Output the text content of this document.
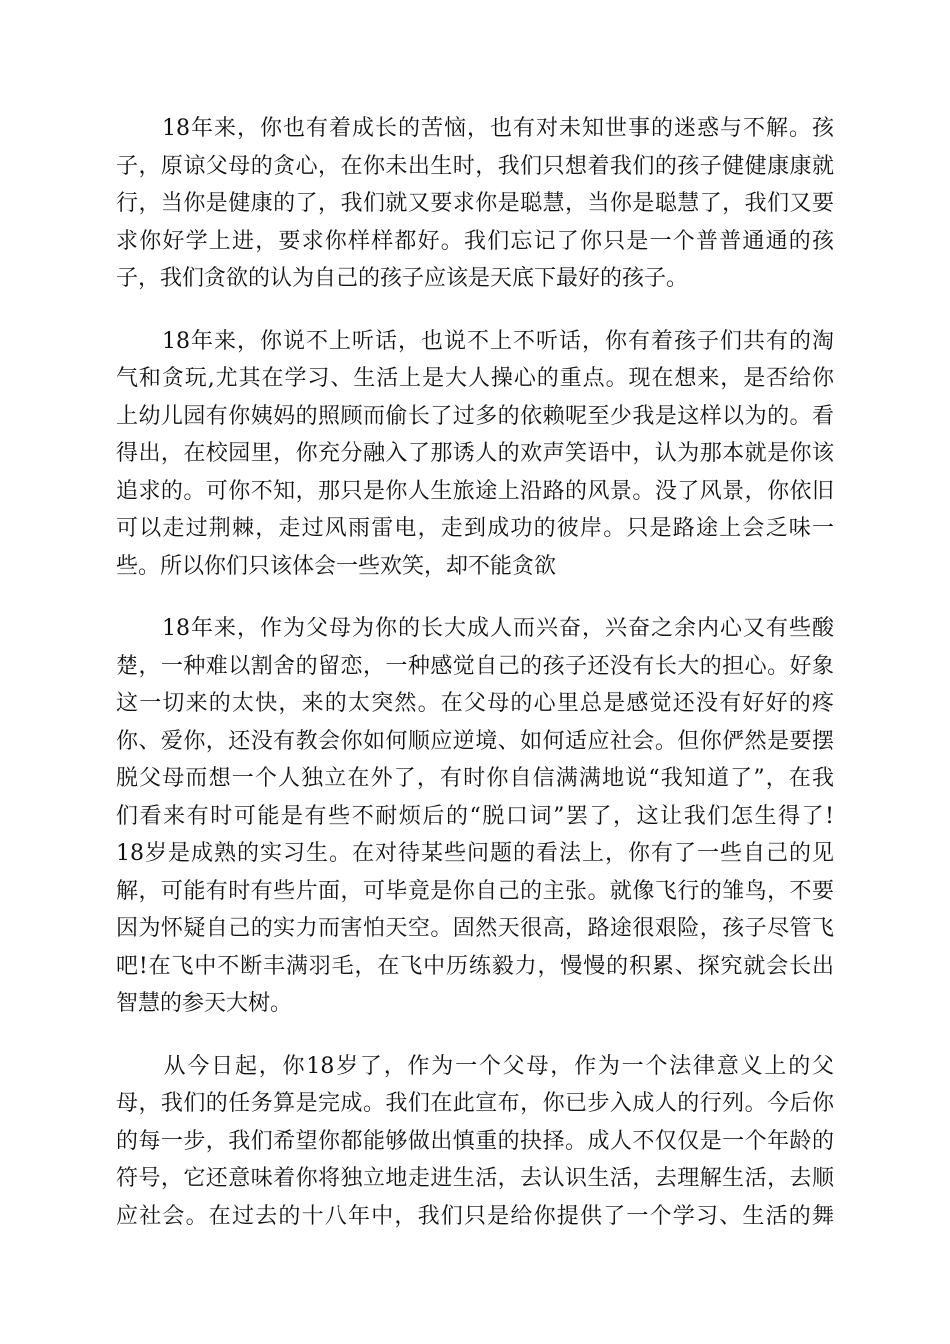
　　18年来，你也有着成长的苦恼，也有对未知世事的迷惑与不解。孩
子，原谅父母的贪心，在你未出生时，我们只想着我们的孩子健健康康就
行，当你是健康的了，我们就又要求你是聪慧，当你是聪慧了，我们又要
求你好学上进，要求你样样都好。我们忘记了你只是一个普普通通的孩
子，我们贪欲的认为自己的孩子应该是天底下最好的孩子。
　　18年来，你说不上听话，也说不上不听话，你有着孩子们共有的淘
气和贪玩,尤其在学习、生活上是大人操心的重点。现在想来，是否给你
上幼儿园有你姨妈的照顾而偷长了过多的依赖呢至少我是这样以为的。看
得出，在校园里，你充分融入了那诱人的欢声笑语中，认为那本就是你该
追求的。可你不知，那只是你人生旅途上沿路的风景。没了风景，你依旧
可以走过荆棘，走过风雨雷电，走到成功的彼岸。只是路途上会乏味一
些。所以你们只该体会一些欢笑，却不能贪欲
　　18年来，作为父母为你的长大成人而兴奋，兴奋之余内心又有些酸
楚，一种难以割舍的留恋，一种感觉自己的孩子还没有长大的担心。好象
这一切来的太快，来的太突然。在父母的心里总是感觉还没有好好的疼
你、爱你，还没有教会你如何顺应逆境、如何适应社会。但你俨然是要摆
脱父母而想一个人独立在外了，有时你自信满满地说“我知道了”，在我
们看来有时可能是有些不耐烦后的“脱口词”罢了，这让我们怎生得了!
18岁是成熟的实习生。在对待某些问题的看法上，你有了一些自己的见
解，可能有时有些片面，可毕竟是你自己的主张。就像飞行的雏鸟，不要
因为怀疑自己的实力而害怕天空。固然天很高，路途很艰险，孩子尽管飞
吧!在飞中不断丰满羽毛，在飞中历练毅力，慢慢的积累、探究就会长出
智慧的参天大树。
　　从今日起，你18岁了，作为一个父母，作为一个法律意义上的父
母，我们的任务算是完成。我们在此宣布，你已步入成人的行列。今后你
的每一步，我们希望你都能够做出慎重的抉择。成人不仅仅是一个年龄的
符号，它还意味着你将独立地走进生活，去认识生活，去理解生活，去顺
应社会。在过去的十八年中，我们只是给你提供了一个学习、生活的舞
